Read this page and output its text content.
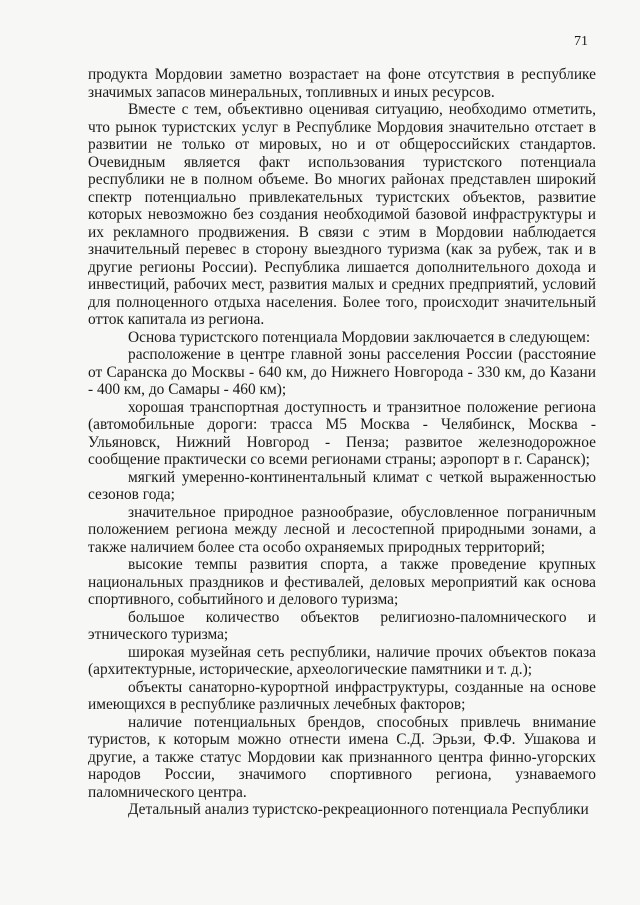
71

продукта Мордовии заметно возрастает на фоне отсутствия в республике значимых запасов минеральных, топливных и иных ресурсов.

Вместе с тем, объективно оценивая ситуацию, необходимо отметить, что рынок туристских услуг в Республике Мордовия значительно отстает в развитии не только от мировых, но и от общероссийских стандартов. Очевидным является факт использования туристского потенциала республики не в полном объеме. Во многих районах представлен широкий спектр потенциально привлекательных туристских объектов, развитие которых невозможно без создания необходимой базовой инфраструктуры и их рекламного продвижения. В связи с этим в Мордовии наблюдается значительный перевес в сторону выездного туризма (как за рубеж, так и в другие регионы России). Республика лишается дополнительного дохода и инвестиций, рабочих мест, развития малых и средних предприятий, условий для полноценного отдыха населения. Более того, происходит значительный отток капитала из региона.

Основа туристского потенциала Мордовии заключается в следующем:

расположение в центре главной зоны расселения России (расстояние от Саранска до Москвы - 640 км, до Нижнего Новгорода - 330 км, до Казани - 400 км, до Самары - 460 км);

хорошая транспортная доступность и транзитное положение региона (автомобильные дороги: трасса М5 Москва - Челябинск, Москва - Ульяновск, Нижний Новгород - Пенза; развитое железнодорожное сообщение практически со всеми регионами страны; аэропорт в г. Саранск);

мягкий умеренно-континентальный климат с четкой выраженностью сезонов года;

значительное природное разнообразие, обусловленное пограничным положением региона между лесной и лесостепной природными зонами, а также наличием более ста особо охраняемых природных территорий;

высокие темпы развития спорта, а также проведение крупных национальных праздников и фестивалей, деловых мероприятий как основа спортивного, событийного и делового туризма;

большое количество объектов религиозно-паломнического и этнического туризма;

широкая музейная сеть республики, наличие прочих объектов показа (архитектурные, исторические, археологические памятники и т. д.);

объекты санаторно-курортной инфраструктуры, созданные на основе имеющихся в республике различных лечебных факторов;

наличие потенциальных брендов, способных привлечь внимание туристов, к которым можно отнести имена С.Д. Эрьзи, Ф.Ф. Ушакова и другие, а также статус Мордовии как признанного центра финно-угорских народов России, значимого спортивного региона, узнаваемого паломнического центра.

Детальный анализ туристско-рекреационного потенциала Республики
